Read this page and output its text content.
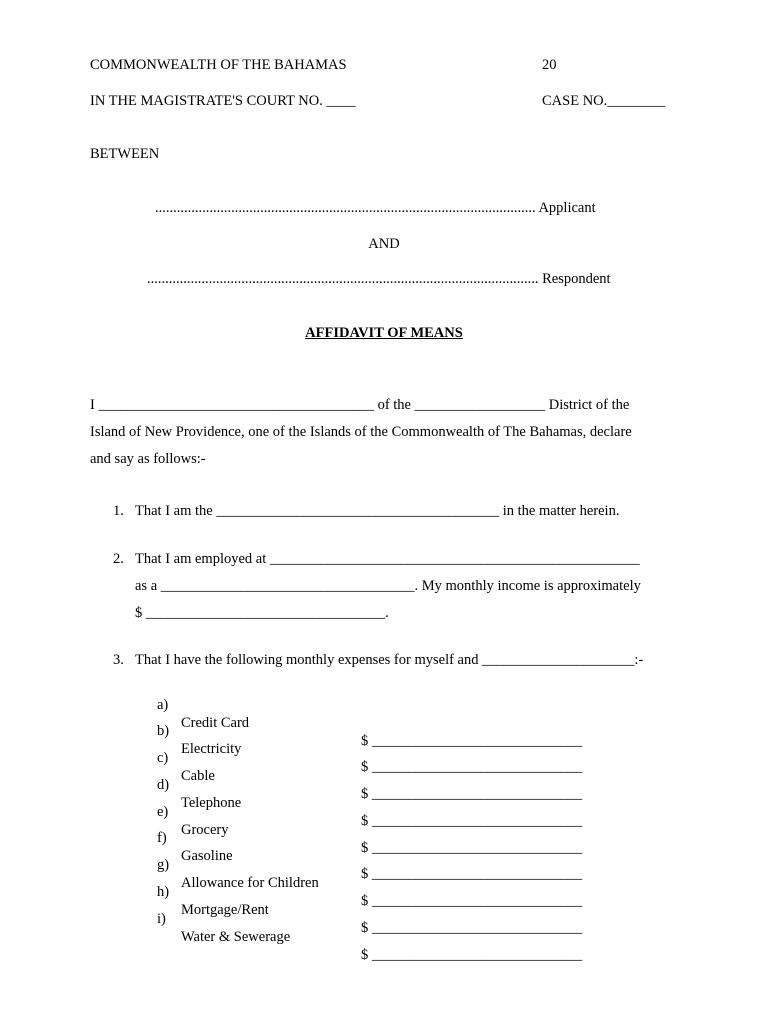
COMMONWEALTH OF THE BAHAMAS	20
IN THE MAGISTRATE'S COURT NO. ____	CASE NO.________
BETWEEN
......................................................................................................... Applicant
AND
............................................................................................................ Respondent
AFFIDAVIT OF MEANS
I ______________________________________ of the __________________ District of the
Island of New Providence, one of the Islands of the Commonwealth of The Bahamas, declare
and say as follows:-
1. That I am the _______________________________________ in the matter herein.
2. That I am employed at ___________________________________________________
as a ___________________________________. My monthly income is approximately
$ _________________________________.
3. That I have the following monthly expenses for myself and _____________________:-

a)

Credit Card

$ _____________________________

b)

Electricity

$ _____________________________

c)

Cable

$ _____________________________

d)

Telephone

$ _____________________________

e)

Grocery

$ _____________________________

f)

Gasoline

$ _____________________________

g)

Allowance for Children

$ _____________________________

h)

Mortgage/Rent

$ _____________________________

i)

Water & Sewerage

$ _____________________________
